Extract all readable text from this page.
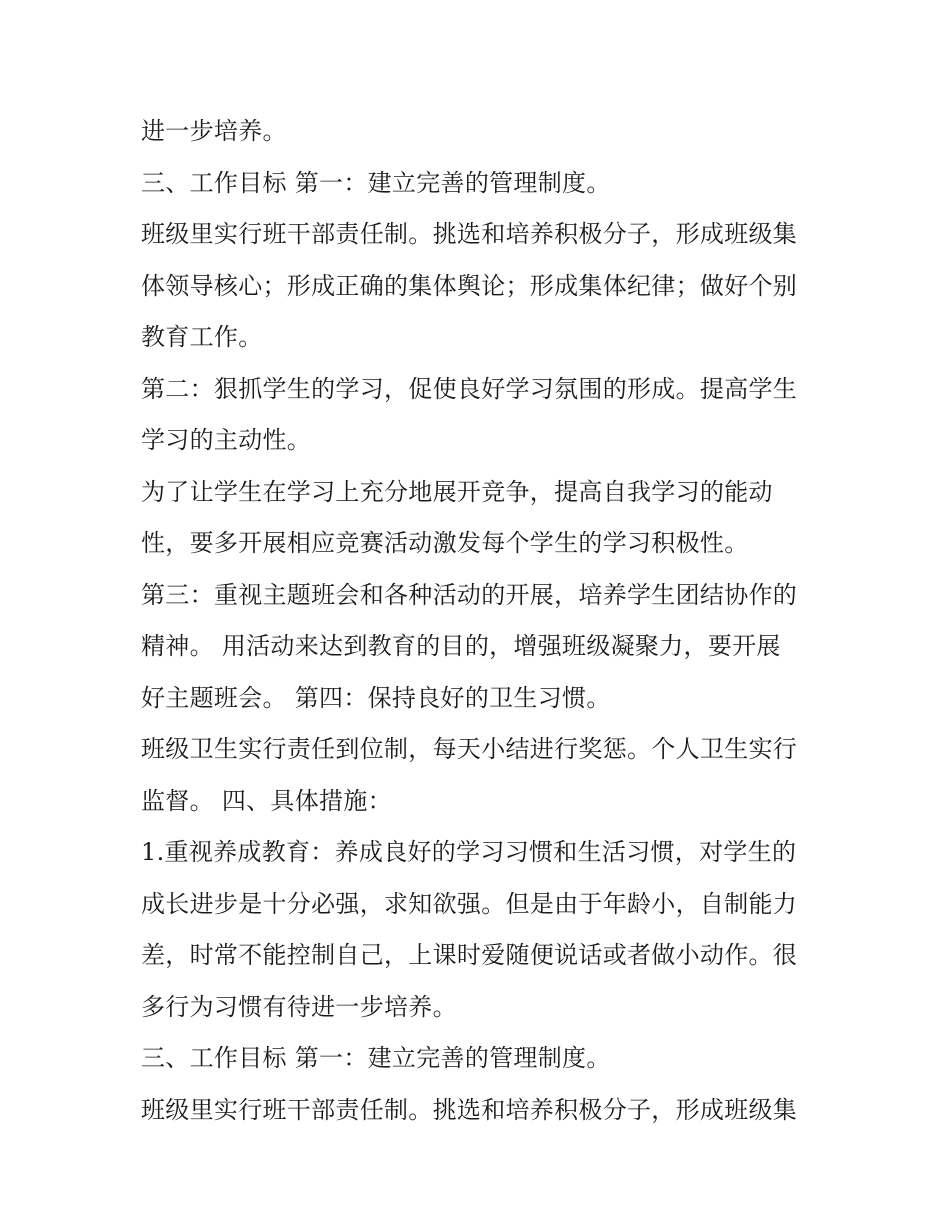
进一步培养。
三、工作目标 第一：建立完善的管理制度。
班级里实行班干部责任制。挑选和培养积极分子，形成班级集
体领导核心；形成正确的集体舆论；形成集体纪律；做好个别
教育工作。
第二：狠抓学生的学习，促使良好学习氛围的形成。提高学生
学习的主动性。
为了让学生在学习上充分地展开竞争，提高自我学习的能动
性，要多开展相应竞赛活动激发每个学生的学习积极性。
第三：重视主题班会和各种活动的开展，培养学生团结协作的
精神。 用活动来达到教育的目的，增强班级凝聚力，要开展
好主题班会。 第四：保持良好的卫生习惯。
班级卫生实行责任到位制，每天小结进行奖惩。个人卫生实行
监督。 四、具体措施：
1.重视养成教育：养成良好的学习习惯和生活习惯，对学生的
成长进步是十分必强，求知欲强。但是由于年龄小，自制能力
差，时常不能控制自己，上课时爱随便说话或者做小动作。很
多行为习惯有待进一步培养。
三、工作目标 第一：建立完善的管理制度。
班级里实行班干部责任制。挑选和培养积极分子，形成班级集
